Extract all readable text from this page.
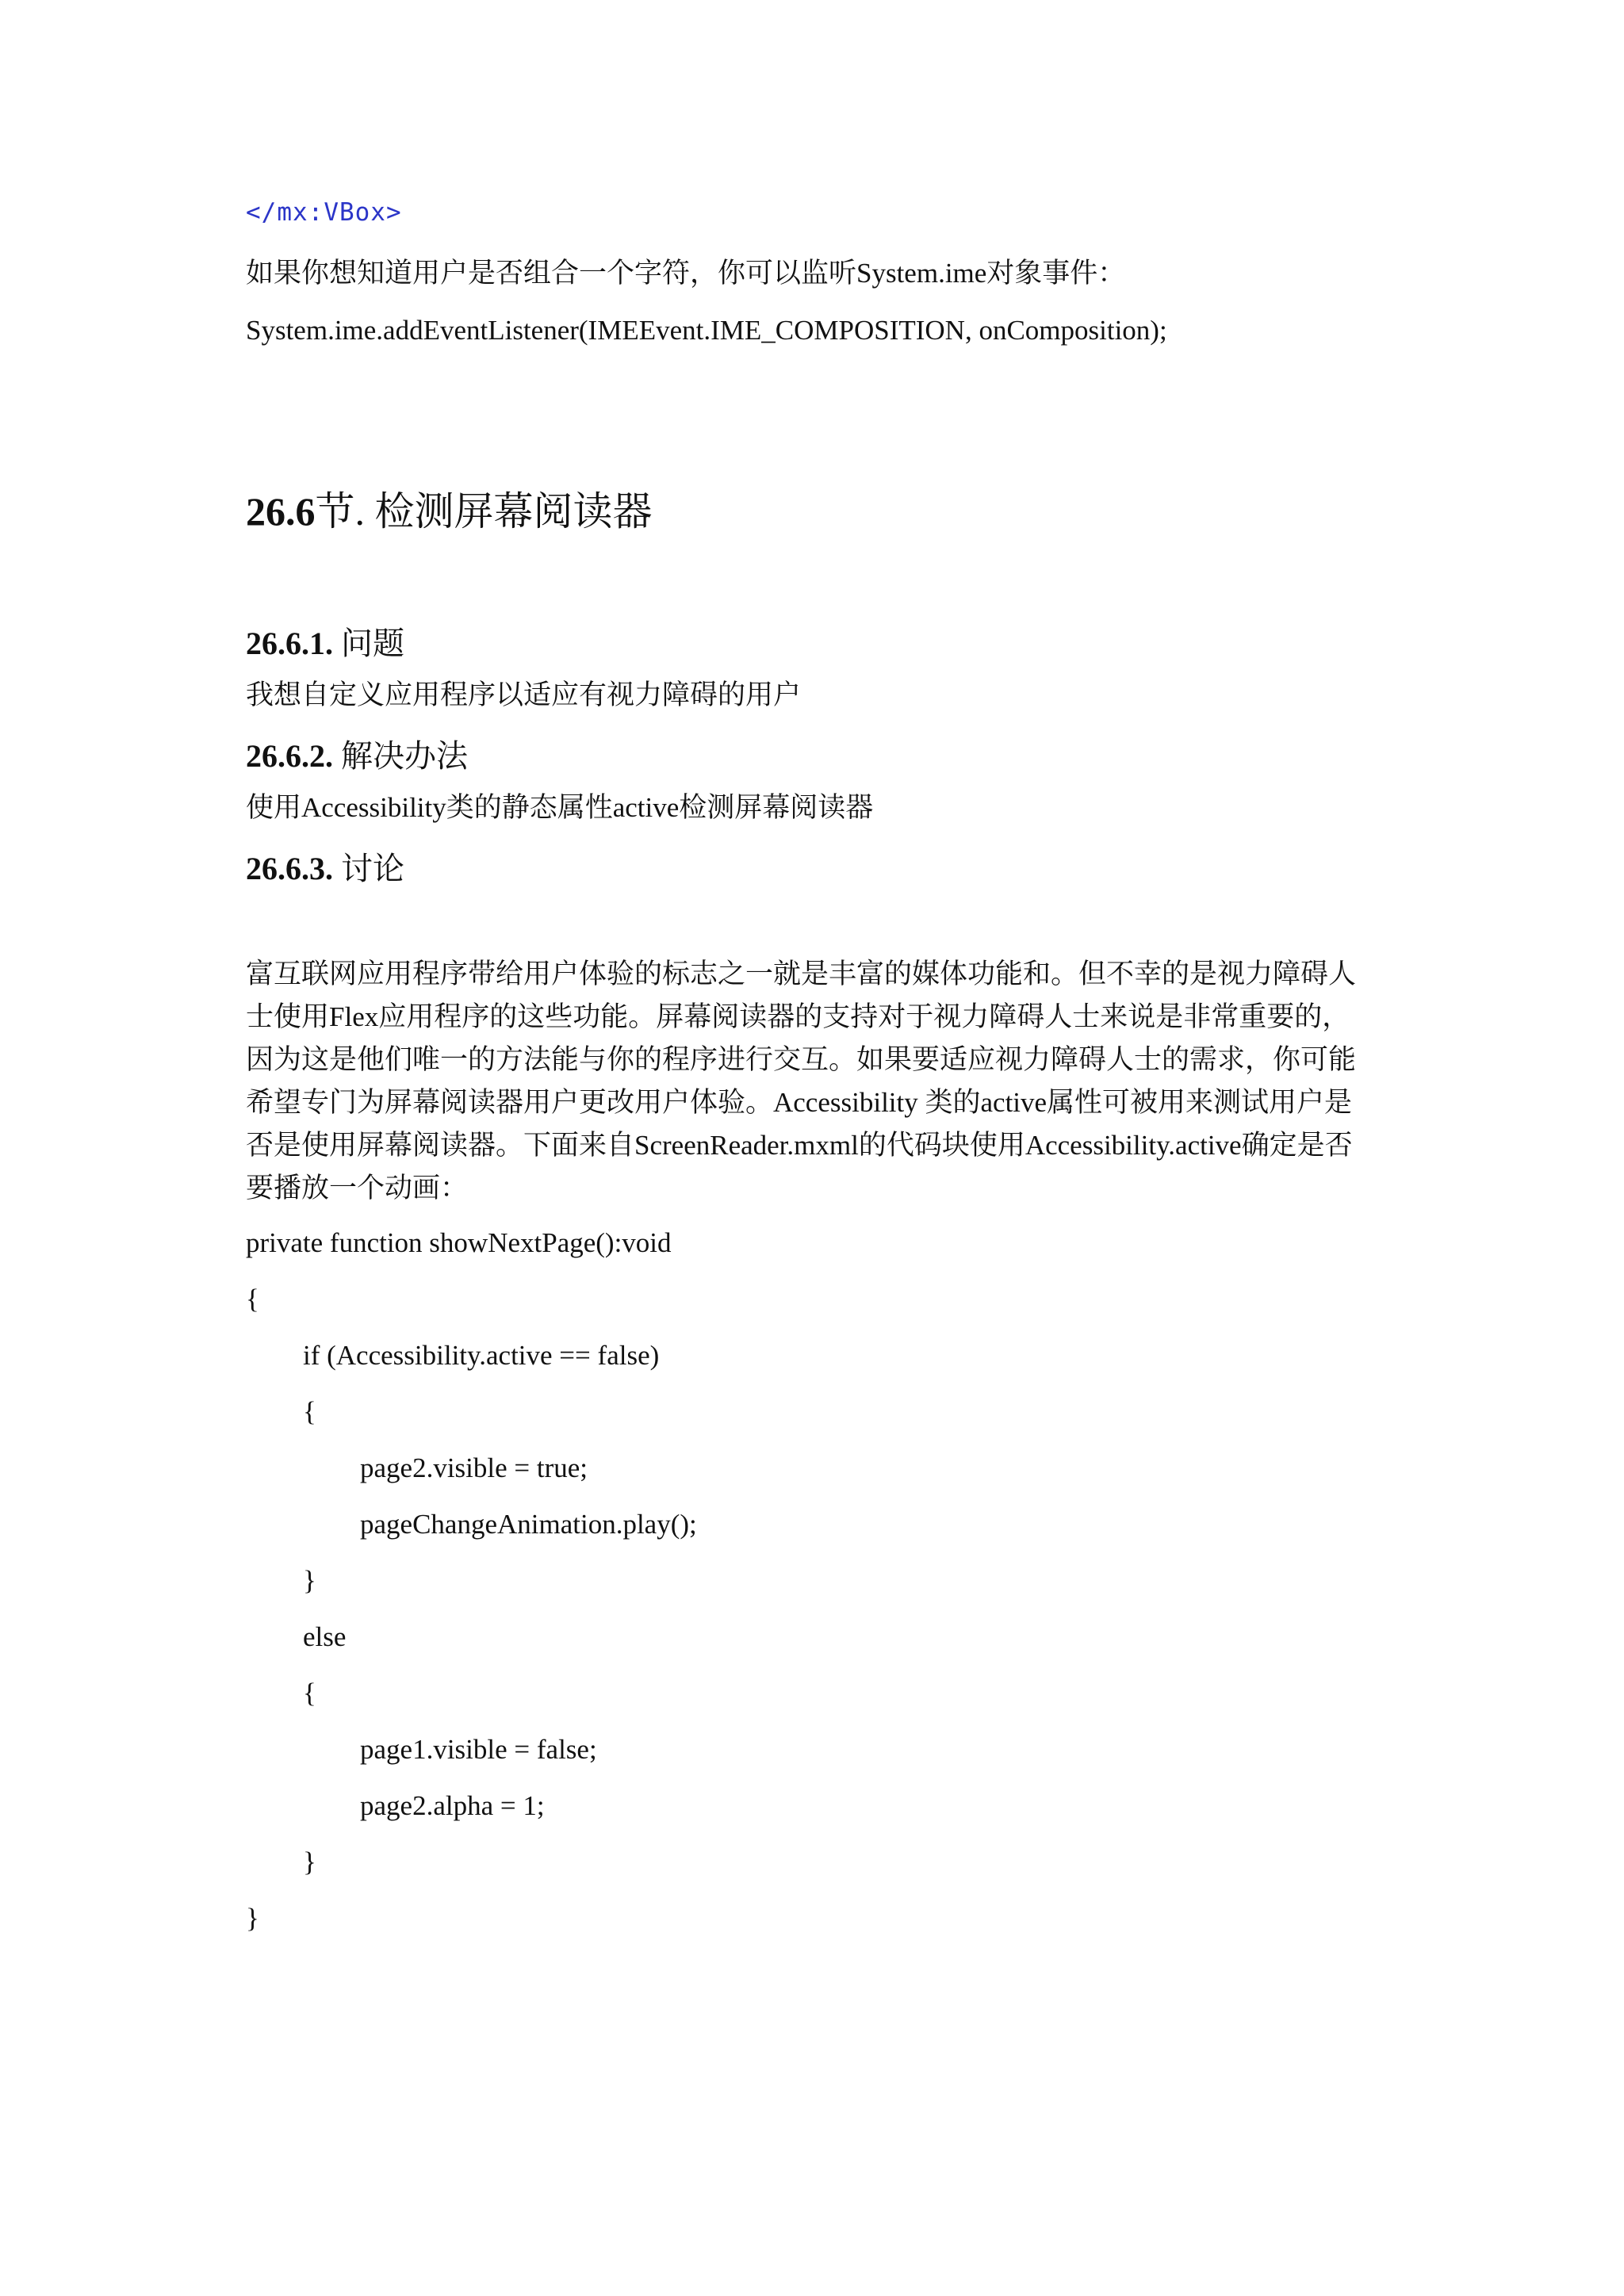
</mx:VBox>
如果你想知道用户是否组合一个字符，你可以监听System.ime对象事件：
System.ime.addEventListener(IMEEvent.IME_COMPOSITION, onComposition);
26.6节. 检测屏幕阅读器
26.6.1. 问题
我想自定义应用程序以适应有视力障碍的用户
26.6.2. 解决办法
使用Accessibility类的静态属性active检测屏幕阅读器
26.6.3. 讨论
富互联网应用程序带给用户体验的标志之一就是丰富的媒体功能和。但不幸的是视力障碍人
士使用Flex应用程序的这些功能。屏幕阅读器的支持对于视力障碍人士来说是非常重要的，
因为这是他们唯一的方法能与你的程序进行交互。如果要适应视力障碍人士的需求，你可能
希望专门为屏幕阅读器用户更改用户体验。Accessibility 类的active属性可被用来测试用户是
否是使用屏幕阅读器。下面来自ScreenReader.mxml的代码块使用Accessibility.active确定是否
要播放一个动画：
private function showNextPage():void
{
if (Accessibility.active == false)
{
page2.visible = true;
pageChangeAnimation.play();
}
else
{
page1.visible = false;
page2.alpha = 1;
}
}
